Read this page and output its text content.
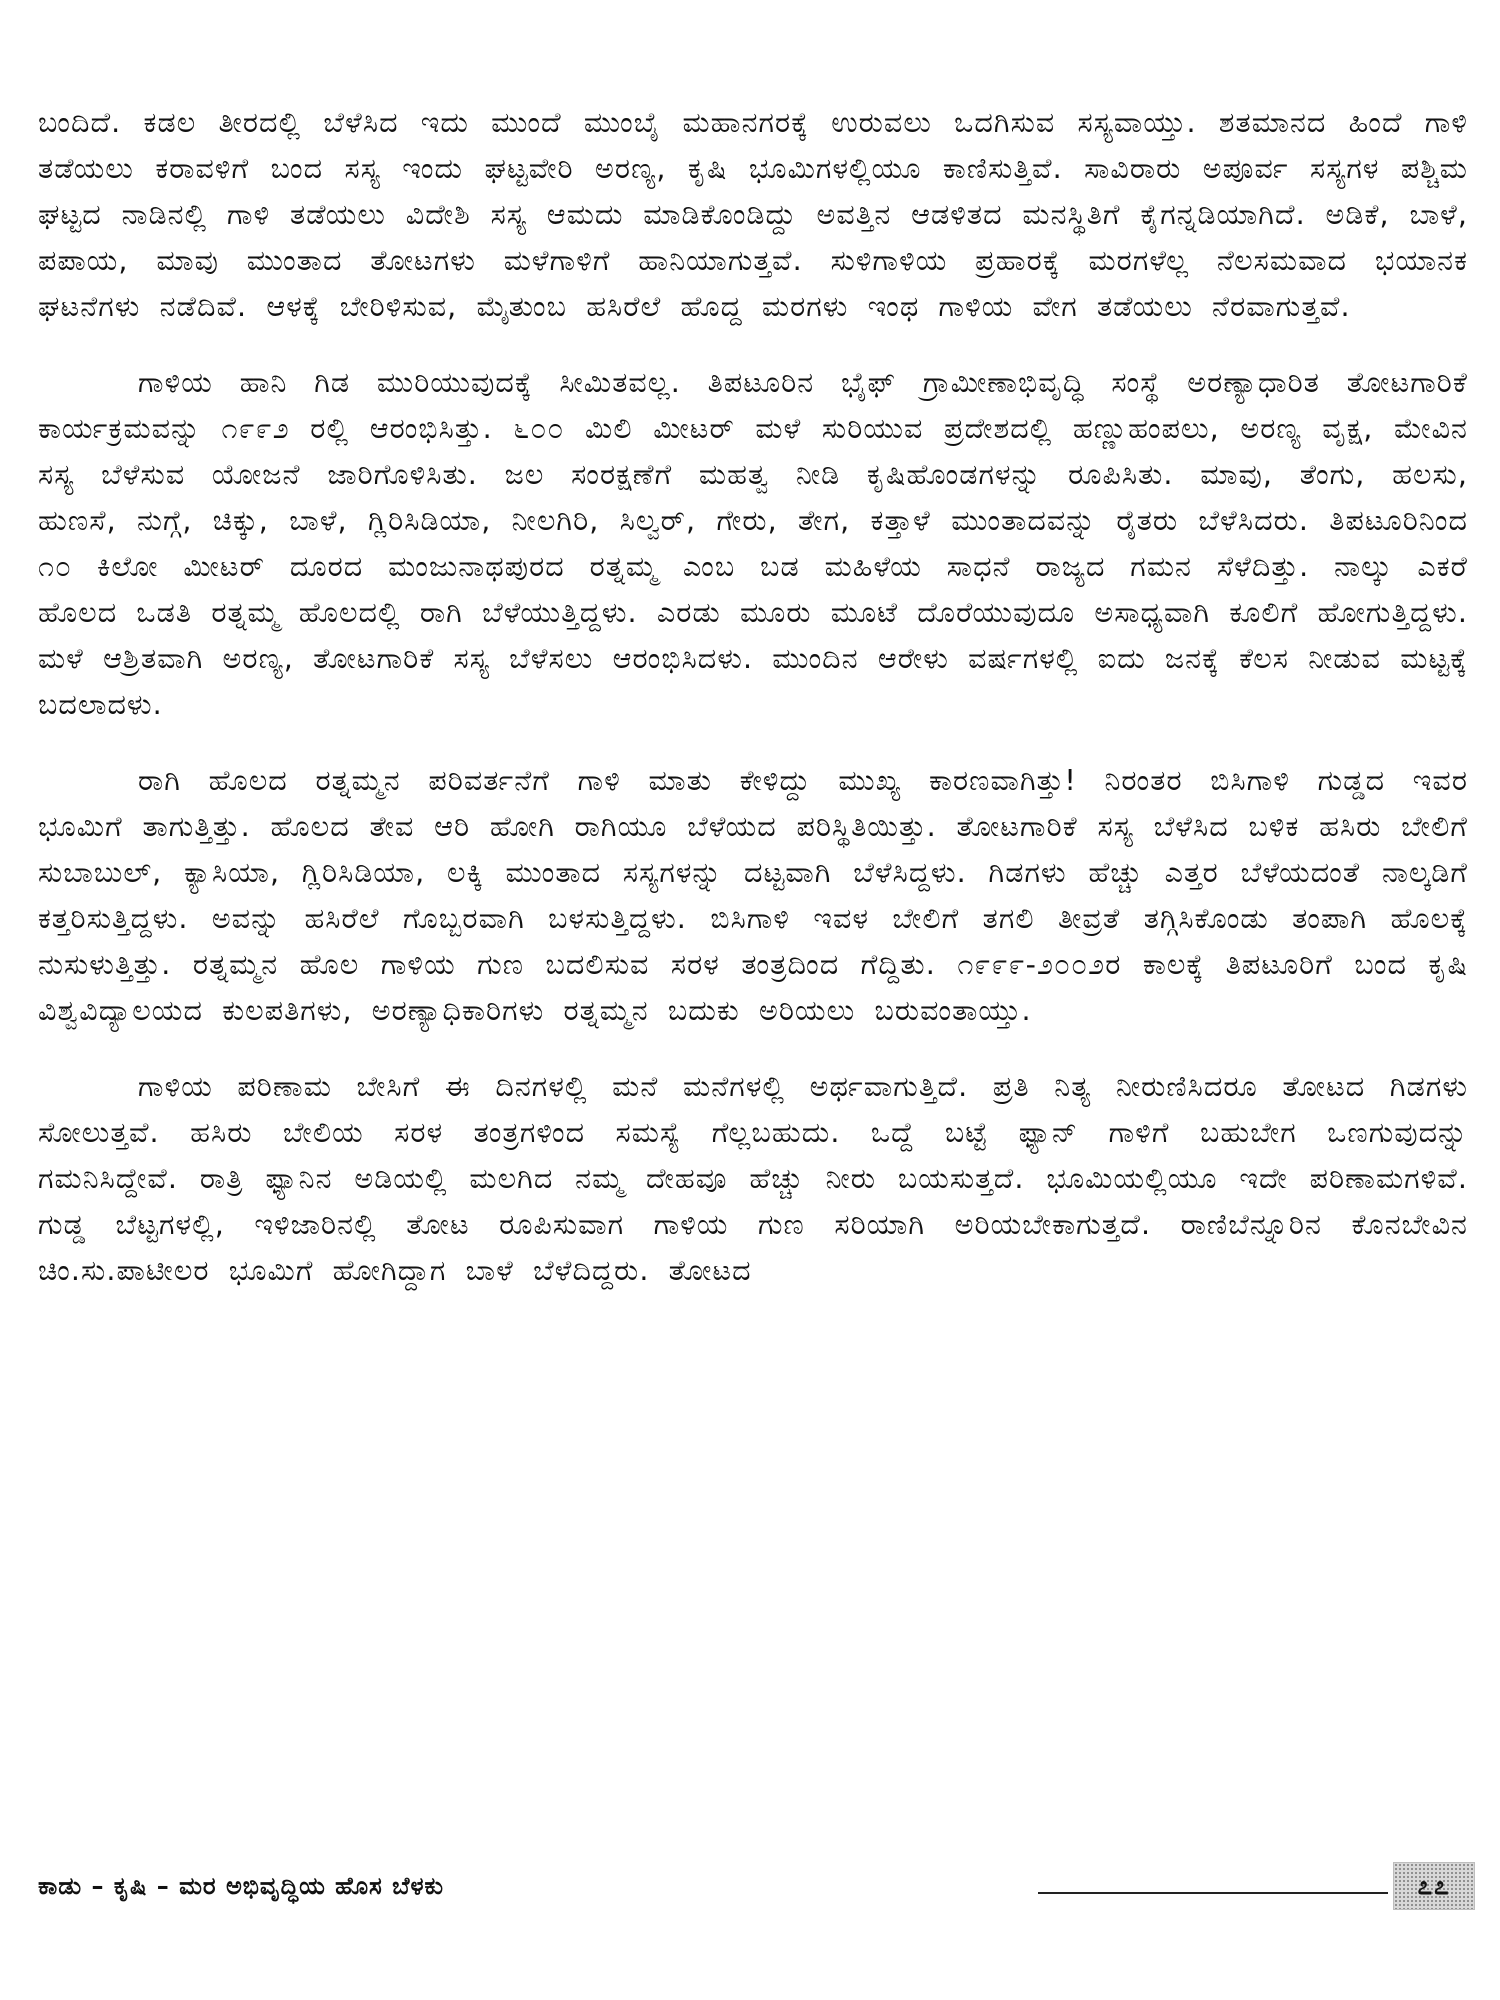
ಬಂದಿದೆ. ಕಡಲ ತೀರದಲ್ಲಿ ಬೆಳೆಸಿದ ಇದು ಮುಂದೆ ಮುಂಬೈ ಮಹಾನಗರಕ್ಕೆ ಉರುವಲು ಒದಗಿಸುವ ಸಸ್ಯವಾಯ್ತು. ಶತಮಾನದ ಹಿಂದೆ ಗಾಳಿ ತಡೆಯಲು ಕರಾವಳಿಗೆ ಬಂದ ಸಸ್ಯ ಇಂದು ಘಟ್ಟವೇರಿ ಅರಣ್ಯ, ಕೃಷಿ ಭೂಮಿಗಳಲ್ಲಿಯೂ ಕಾಣಿಸುತ್ತಿವೆ. ಸಾವಿರಾರು ಅಪೂರ್ವ ಸಸ್ಯಗಳ ಪಶ್ಚಿಮ ಘಟ್ಟದ ನಾಡಿನಲ್ಲಿ ಗಾಳಿ ತಡೆಯಲು ವಿದೇಶಿ ಸಸ್ಯ ಆಮದು ಮಾಡಿಕೊಂಡಿದ್ದು ಅವತ್ತಿನ ಆಡಳಿತದ ಮನಸ್ಥಿತಿಗೆ ಕೈಗನ್ನಡಿಯಾಗಿದೆ. ಅಡಿಕೆ, ಬಾಳೆ, ಪಪಾಯ, ಮಾವು ಮುಂತಾದ ತೋಟಗಳು ಮಳೆಗಾಳಿಗೆ ಹಾನಿಯಾಗುತ್ತವೆ. ಸುಳಿಗಾಳಿಯ ಪ್ರಹಾರಕ್ಕೆ ಮರಗಳೆಲ್ಲ ನೆಲಸಮವಾದ ಭಯಾನಕ ಘಟನೆಗಳು ನಡೆದಿವೆ. ಆಳಕ್ಕೆ ಬೇರಿಳಿಸುವ, ಮೈತುಂಬ ಹಸಿರೆಲೆ ಹೊದ್ದ ಮರಗಳು ಇಂಥ ಗಾಳಿಯ ವೇಗ ತಡೆಯಲು ನೆರವಾಗುತ್ತವೆ.

ಗಾಳಿಯ ಹಾನಿ ಗಿಡ ಮುರಿಯುವುದಕ್ಕೆ ಸೀಮಿತವಲ್ಲ. ತಿಪಟೂರಿನ ಭೈಫ್ ಗ್ರಾಮೀಣಾಭಿವೃದ್ಧಿ ಸಂಸ್ಥೆ ಅರಣ್ಯಾಧಾರಿತ ತೋಟಗಾರಿಕೆ ಕಾರ್ಯಕ್ರಮವನ್ನು ೧೯೯೨ ರಲ್ಲಿ ಆರಂಭಿಸಿತ್ತು. ೬೦೦ ಮಿಲಿ ಮೀಟರ್ ಮಳೆ ಸುರಿಯುವ ಪ್ರದೇಶದಲ್ಲಿ ಹಣ್ಣುಹಂಪಲು, ಅರಣ್ಯ ವೃಕ್ಷ, ಮೇವಿನ ಸಸ್ಯ ಬೆಳೆಸುವ ಯೋಜನೆ ಜಾರಿಗೊಳಿಸಿತು. ಜಲ ಸಂರಕ್ಷಣೆಗೆ ಮಹತ್ವ ನೀಡಿ ಕೃಷಿಹೊಂಡಗಳನ್ನು ರೂಪಿಸಿತು. ಮಾವು, ತೆಂಗು, ಹಲಸು, ಹುಣಸೆ, ನುಗ್ಗೆ, ಚಿಕ್ಕು, ಬಾಳೆ, ಗ್ಲಿರಿಸಿಡಿಯಾ, ನೀಲಗಿರಿ, ಸಿಲ್ವರ್, ಗೇರು, ತೇಗ, ಕತ್ತಾಳೆ ಮುಂತಾದವನ್ನು ರೈತರು ಬೆಳೆಸಿದರು. ತಿಪಟೂರಿನಿಂದ ೧೦ ಕಿಲೋ ಮೀಟರ್ ದೂರದ ಮಂಜುನಾಥಪುರದ ರತ್ನಮ್ಮ ಎಂಬ ಬಡ ಮಹಿಳೆಯ ಸಾಧನೆ ರಾಜ್ಯದ ಗಮನ ಸೆಳೆದಿತ್ತು. ನಾಲ್ಕು ಎಕರೆ ಹೊಲದ ಒಡತಿ ರತ್ನಮ್ಮ ಹೊಲದಲ್ಲಿ ರಾಗಿ ಬೆಳೆಯುತ್ತಿದ್ದಳು. ಎರಡು ಮೂರು ಮೂಟೆ ದೊರೆಯುವುದೂ ಅಸಾಧ್ಯವಾಗಿ ಕೂಲಿಗೆ ಹೋಗುತ್ತಿದ್ದಳು. ಮಳೆ ಆಶ್ರಿತವಾಗಿ ಅರಣ್ಯ, ತೋಟಗಾರಿಕೆ ಸಸ್ಯ ಬೆಳೆಸಲು ಆರಂಭಿಸಿದಳು. ಮುಂದಿನ ಆರೇಳು ವರ್ಷಗಳಲ್ಲಿ ಐದು ಜನಕ್ಕೆ ಕೆಲಸ ನೀಡುವ ಮಟ್ಟಕ್ಕೆ ಬದಲಾದಳು.

ರಾಗಿ ಹೊಲದ ರತ್ನಮ್ಮನ ಪರಿವರ್ತನೆಗೆ ಗಾಳಿ ಮಾತು ಕೇಳಿದ್ದು ಮುಖ್ಯ ಕಾರಣವಾಗಿತ್ತು! ನಿರಂತರ ಬಿಸಿಗಾಳಿ ಗುಡ್ಡದ ಇವರ ಭೂಮಿಗೆ ತಾಗುತ್ತಿತ್ತು. ಹೊಲದ ತೇವ ಆರಿ ಹೋಗಿ ರಾಗಿಯೂ ಬೆಳೆಯದ ಪರಿಸ್ಥಿತಿಯಿತ್ತು. ತೋಟಗಾರಿಕೆ ಸಸ್ಯ ಬೆಳೆಸಿದ ಬಳಿಕ ಹಸಿರು ಬೇಲಿಗೆ ಸುಬಾಬುಲ್, ಕ್ಯಾಸಿಯಾ, ಗ್ಲಿರಿಸಿಡಿಯಾ, ಲಕ್ಕಿ ಮುಂತಾದ ಸಸ್ಯಗಳನ್ನು ದಟ್ಟವಾಗಿ ಬೆಳೆಸಿದ್ದಳು. ಗಿಡಗಳು ಹೆಚ್ಚು ಎತ್ತರ ಬೆಳೆಯದಂತೆ ನಾಲ್ಕಡಿಗೆ ಕತ್ತರಿಸುತ್ತಿದ್ದಳು. ಅವನ್ನು ಹಸಿರೆಲೆ ಗೊಬ್ಬರವಾಗಿ ಬಳಸುತ್ತಿದ್ದಳು. ಬಿಸಿಗಾಳಿ ಇವಳ ಬೇಲಿಗೆ ತಗಲಿ ತೀವ್ರತೆ ತಗ್ಗಿಸಿಕೊಂಡು ತಂಪಾಗಿ ಹೊಲಕ್ಕೆ ನುಸುಳುತ್ತಿತ್ತು. ರತ್ನಮ್ಮನ ಹೊಲ ಗಾಳಿಯ ಗುಣ ಬದಲಿಸುವ ಸರಳ ತಂತ್ರದಿಂದ ಗೆದ್ದಿತು. ೧೯೯೯-೨೦೦೨ರ ಕಾಲಕ್ಕೆ ತಿಪಟೂರಿಗೆ ಬಂದ ಕೃಷಿ ವಿಶ್ವವಿದ್ಯಾಲಯದ ಕುಲಪತಿಗಳು, ಅರಣ್ಯಾಧಿಕಾರಿಗಳು ರತ್ನಮ್ಮನ ಬದುಕು ಅರಿಯಲು ಬರುವಂತಾಯ್ತು.

ಗಾಳಿಯ ಪರಿಣಾಮ ಬೇಸಿಗೆ ಈ ದಿನಗಳಲ್ಲಿ ಮನೆ ಮನೆಗಳಲ್ಲಿ ಅರ್ಥವಾಗುತ್ತಿದೆ. ಪ್ರತಿ ನಿತ್ಯ ನೀರುಣಿಸಿದರೂ ತೋಟದ ಗಿಡಗಳು ಸೋಲುತ್ತವೆ. ಹಸಿರು ಬೇಲಿಯ ಸರಳ ತಂತ್ರಗಳಿಂದ ಸಮಸ್ಯೆ ಗೆಲ್ಲಬಹುದು. ಒದ್ದೆ ಬಟ್ಟೆ ಫ್ಯಾನ್ ಗಾಳಿಗೆ ಬಹುಬೇಗ ಒಣಗುವುದನ್ನು ಗಮನಿಸಿದ್ದೇವೆ. ರಾತ್ರಿ ಫ್ಯಾನಿನ ಅಡಿಯಲ್ಲಿ ಮಲಗಿದ ನಮ್ಮ ದೇಹವೂ ಹೆಚ್ಚು ನೀರು ಬಯಸುತ್ತದೆ. ಭೂಮಿಯಲ್ಲಿಯೂ ಇದೇ ಪರಿಣಾಮಗಳಿವೆ. ಗುಡ್ಡ ಬೆಟ್ಟಗಳಲ್ಲಿ, ಇಳಿಜಾರಿನಲ್ಲಿ ತೋಟ ರೂಪಿಸುವಾಗ ಗಾಳಿಯ ಗುಣ ಸರಿಯಾಗಿ ಅರಿಯಬೇಕಾಗುತ್ತದೆ. ರಾಣಿಬೆನ್ನೂರಿನ ಕೊನಬೇವಿನ ಚಿಂ.ಸು.ಪಾಟೀಲರ ಭೂಮಿಗೆ ಹೋಗಿದ್ದಾಗ ಬಾಳೆ ಬೆಳೆದಿದ್ದರು. ತೋಟದ

ಕಾಡು – ಕೃಷಿ – ಮರ ಅಭಿವೃದ್ಧಿಯ ಹೊಸ ಬೆಳಕು	೭೭
